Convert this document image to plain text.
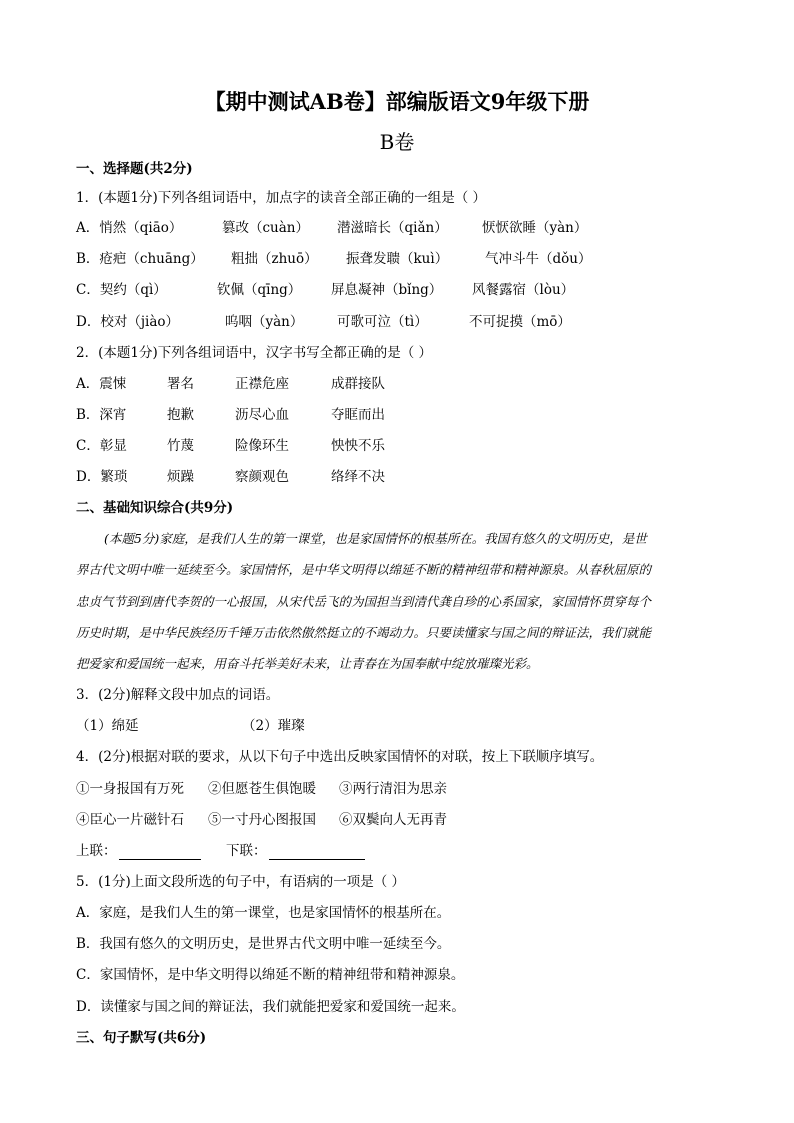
【期中测试AB卷】部编版语文9年级下册
B卷
一、选择题(共2分)
1．(本题1分)下列各组词语中，加点字的读音全部正确的一组是（ ）
A．悄然（qiāo）	篡改（cuàn） 潜滋暗长（qiǎn）	恹恹欲睡（yàn）
B．疮疤（chuāng） 粗拙（zhuō） 振聋发聩（kuì）	气冲斗牛（dǒu）
C．契约（qì）	钦佩（qīng） 屏息凝神（bǐng） 风餐露宿（lòu）
D．校对（jiào）	呜咽（yàn） 可歌可泣（tì）	不可捉摸（mō）
2．(本题1分)下列各组词语中，汉字书写全都正确的是（ ）
A．震悚	署名	正襟危座	成群接队
B．深宵	抱歉	沥尽心血	夺眶而出
C．彰显	竹蔑	险像环生	怏怏不乐
D．繁琐	烦躁	察颜观色	络绎不决
二、基础知识综合(共9分)
(本题5分)家庭，是我们人生的第一课堂，也是家国情怀的根基所在。我国有悠久的文明历史，是世
界古代文明中唯一延续至今。家国情怀，是中华文明得以绵延不断的精神纽带和精神源泉。从春秋屈原的
忠贞气节到到唐代李贺的一心报国，从宋代岳飞的为国担当到清代龚自珍的心系国家，家国情怀贯穿每个
历史时期，是中华民族经历千锤万击依然傲然挺立的不竭动力。只要读懂家与国之间的辩证法，我们就能
把爱家和爱国统一起来，用奋斗托举美好未来，让青春在为国奉献中绽放璀璨光彩。
3．(2分)解释文段中加点的词语。
（1）绵延	（2）璀璨
4．(2分)根据对联的要求，从以下句子中选出反映家国情怀的对联，按上下联顺序填写。
①一身报国有万死 ②但愿苍生俱饱暖 ③两行清泪为思亲
④臣心一片磁针石 ⑤一寸丹心图报国 ⑥双鬓向人无再青
上联：	下联：
5．(1分)上面文段所选的句子中，有语病的一项是（ ）
A．家庭，是我们人生的第一课堂，也是家国情怀的根基所在。
B．我国有悠久的文明历史，是世界古代文明中唯一延续至今。
C．家国情怀，是中华文明得以绵延不断的精神纽带和精神源泉。
D．读懂家与国之间的辩证法，我们就能把爱家和爱国统一起来。
三、句子默写(共6分)
